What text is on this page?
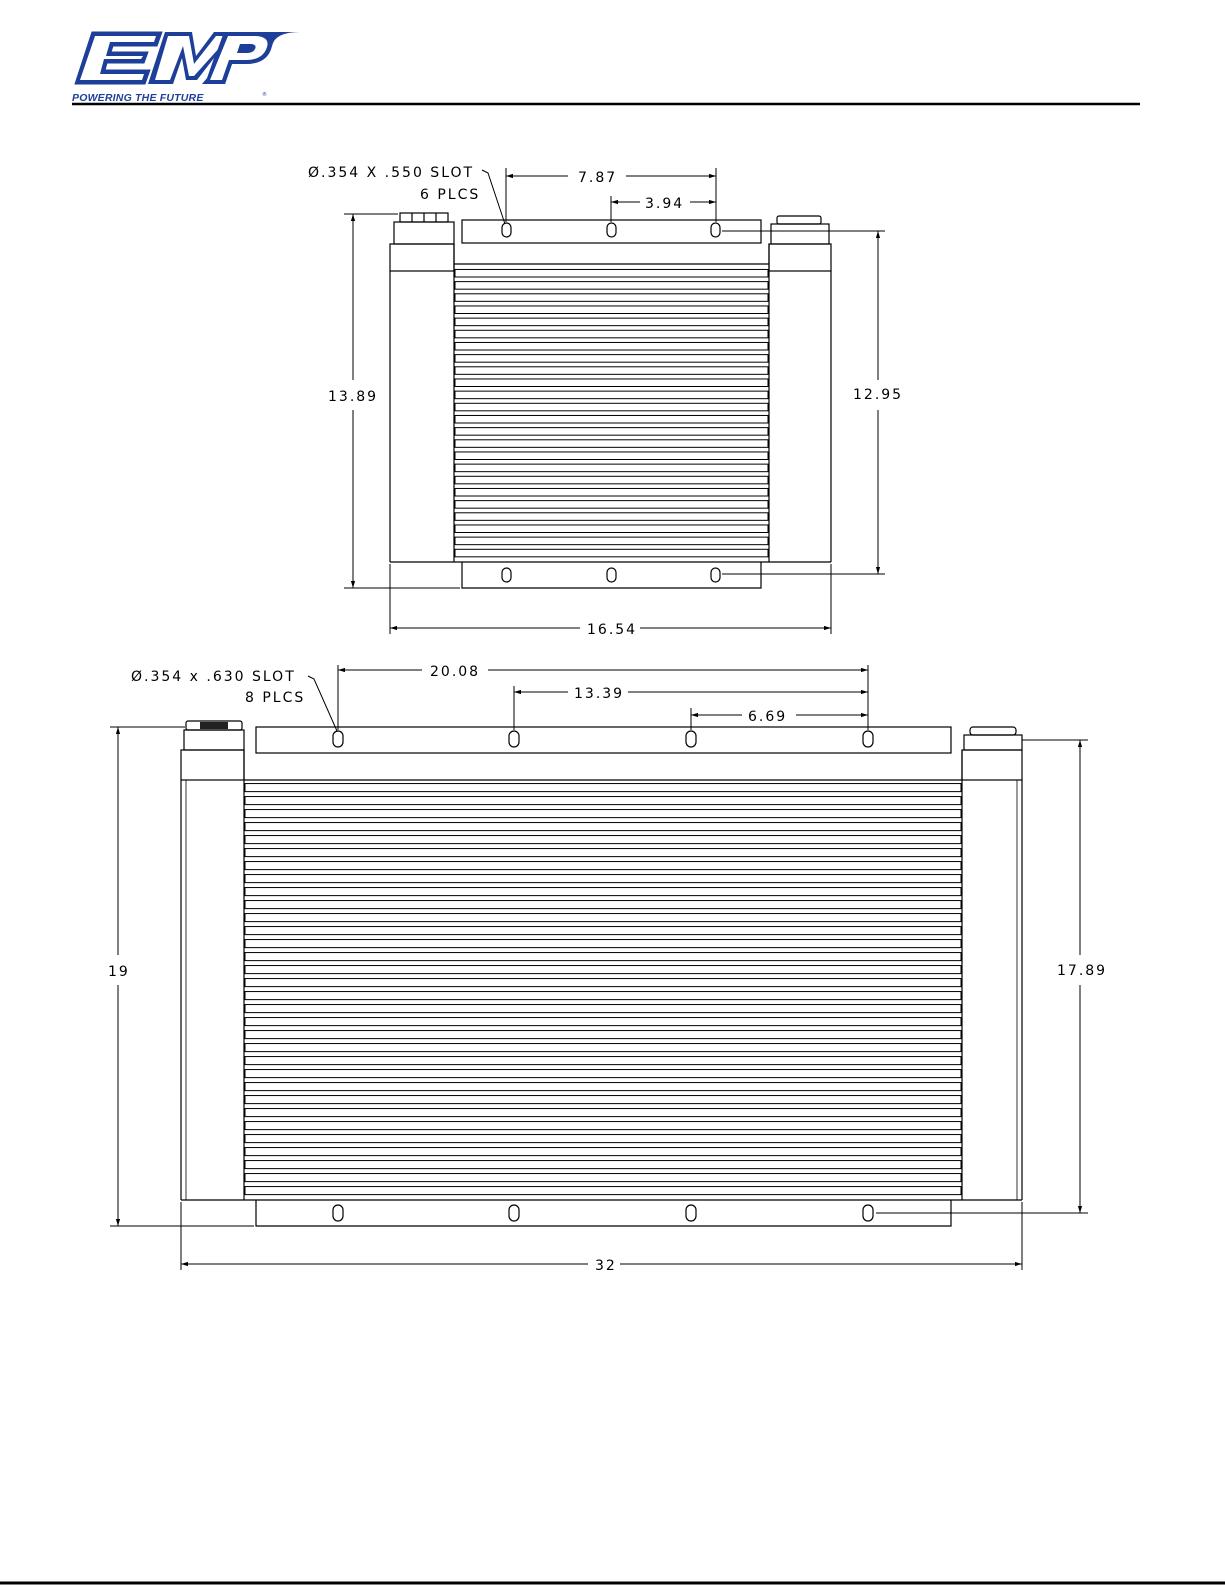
POWERING THE FUTURE	®
Ø.354 X .550 SLOT
6 PLCS
7.87
3.94
13.89	12.95
16.54
Ø.354 x .630 SLOT
8 PLCS
20.08
13.39
6.69
19	17.89
32
